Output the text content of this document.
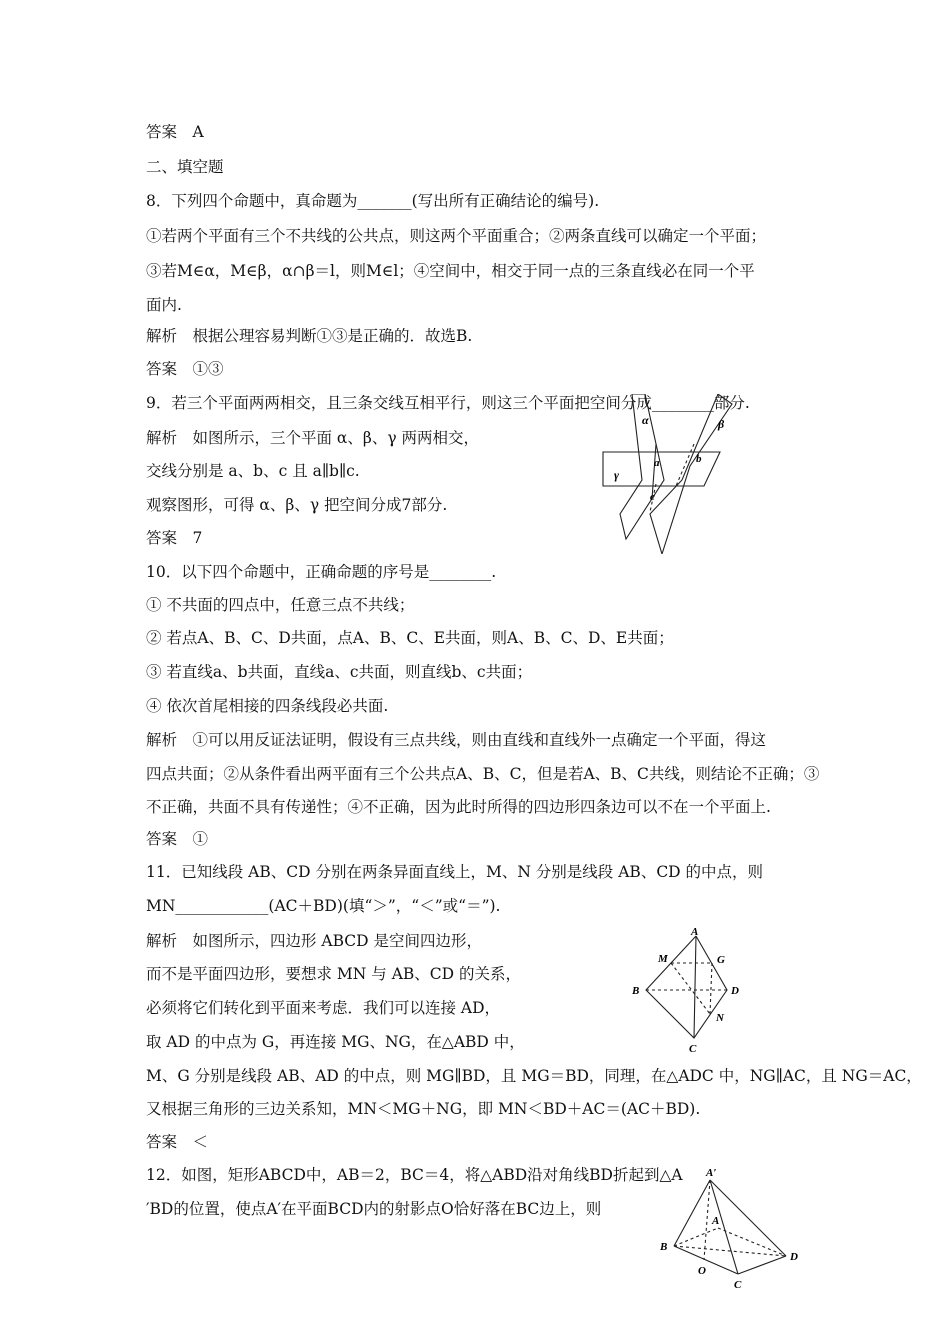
答案　A
二、填空题
8．下列四个命题中，真命题为_______(写出所有正确结论的编号).
①若两个平面有三个不共线的公共点，则这两个平面重合；②两条直线可以确定一个平面；
③若M∈α，M∈β，α∩β＝l，则M∈l；④空间中，相交于同一点的三条直线必在同一个平
面内.
解析　根据公理容易判断①③是正确的．故选B.
答案　①③
9．若三个平面两两相交，且三条交线互相平行，则这三个平面把空间分成________部分.
解析　如图所示，三个平面 α、β、γ 两两相交，
交线分别是 a、b、c 且 a∥b∥c.
观察图形，可得 α、β、γ 把空间分成7部分.
答案　7
10．以下四个命题中，正确命题的序号是________.
① 不共面的四点中，任意三点不共线；
② 若点A、B、C、D共面，点A、B、C、E共面，则A、B、C、D、E共面；
③ 若直线a、b共面，直线a、c共面，则直线b、c共面；
④ 依次首尾相接的四条线段必共面.
解析　①可以用反证法证明，假设有三点共线，则由直线和直线外一点确定一个平面，得这
四点共面；②从条件看出两平面有三个公共点A、B、C，但是若A、B、C共线，则结论不正确；③
不正确，共面不具有传递性；④不正确，因为此时所得的四边形四条边可以不在一个平面上.
答案　①
11．已知线段 AB、CD 分别在两条异面直线上，M、N 分别是线段 AB、CD 的中点，则
MN____________(AC＋BD)(填“＞”，“＜”或“＝”).
解析　如图所示，四边形 ABCD 是空间四边形，
而不是平面四边形，要想求 MN 与 AB、CD 的关系，
必须将它们转化到平面来考虑．我们可以连接 AD，
取 AD 的中点为 G，再连接 MG、NG，在△ABD 中，
M、G 分别是线段 AB、AD 的中点，则 MG∥BD，且 MG＝BD，同理，在△ADC 中，NG∥AC，且 NG＝AC，
又根据三角形的三边关系知，MN＜MG＋NG，即 MN＜BD＋AC＝(AC＋BD).
答案　＜
12．如图，矩形ABCD中，AB＝2，BC＝4，将△ABD沿对角线BD折起到△A
′BD的位置，使点A′在平面BCD内的射影点O恰好落在BC边上，则
α	β
γ
a	b
c
A
B
C
D
M	G
N
A′
A
B
C
D
O
